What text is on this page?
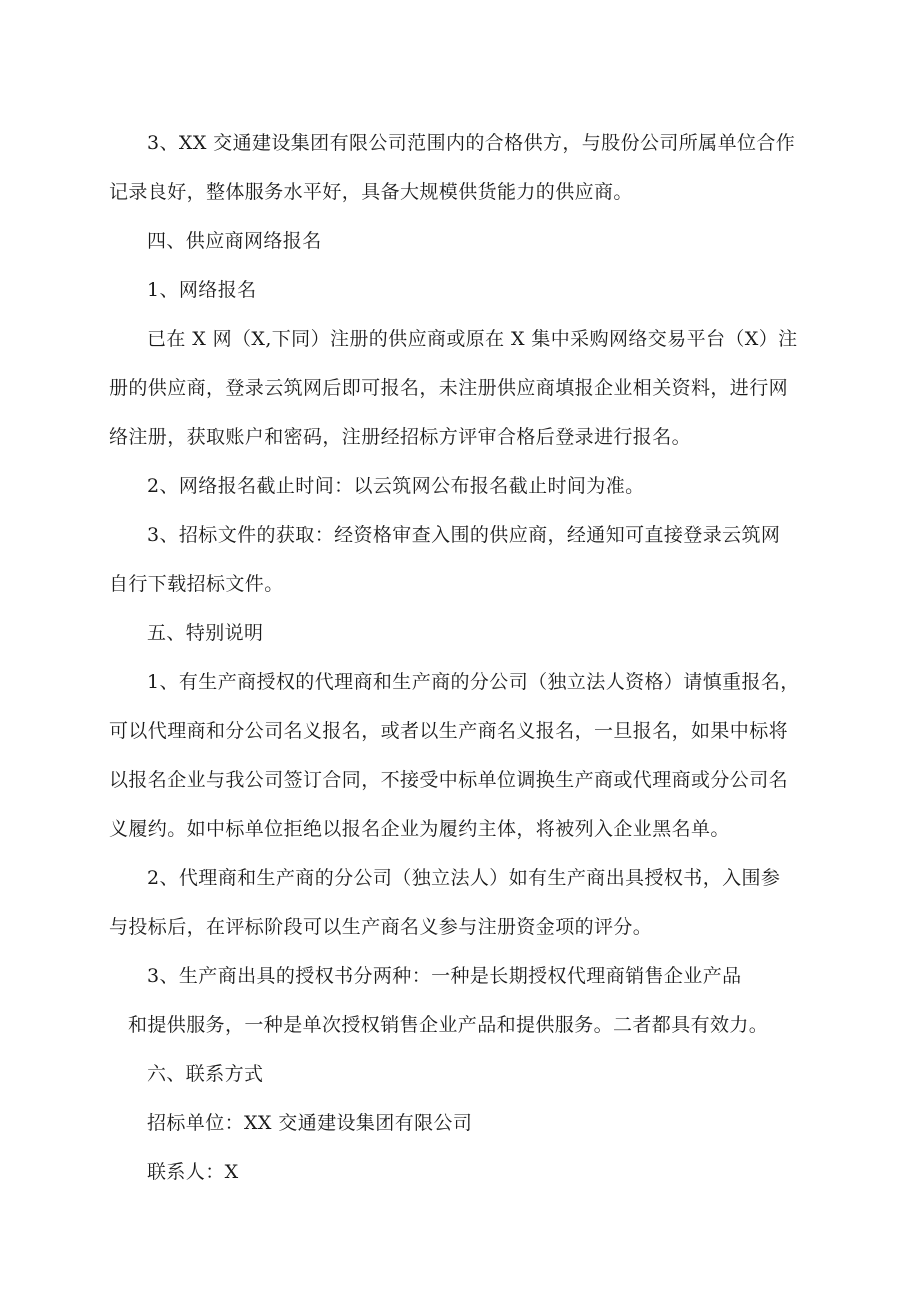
3、XX 交通建设集团有限公司范围内的合格供方，与股份公司所属单位合作
记录良好，整体服务水平好，具备大规模供货能力的供应商。
四、供应商网络报名
1、网络报名
已在 X 网（X,下同）注册的供应商或原在 X 集中采购网络交易平台（X）注
册的供应商，登录云筑网后即可报名，未注册供应商填报企业相关资料，进行网
络注册，获取账户和密码，注册经招标方评审合格后登录进行报名。
2、网络报名截止时间：以云筑网公布报名截止时间为准。
3、招标文件的获取：经资格审查入围的供应商，经通知可直接登录云筑网
自行下载招标文件。
五、特别说明
1、有生产商授权的代理商和生产商的分公司（独立法人资格）请慎重报名，
可以代理商和分公司名义报名，或者以生产商名义报名，一旦报名，如果中标将
以报名企业与我公司签订合同，不接受中标单位调换生产商或代理商或分公司名
义履约。如中标单位拒绝以报名企业为履约主体，将被列入企业黑名单。
2、代理商和生产商的分公司（独立法人）如有生产商出具授权书，入围参
与投标后，在评标阶段可以生产商名义参与注册资金项的评分。
3、生产商出具的授权书分两种：一种是长期授权代理商销售企业产品
和提供服务，一种是单次授权销售企业产品和提供服务。二者都具有效力。
六、联系方式
招标单位：XX 交通建设集团有限公司
联系人：X
